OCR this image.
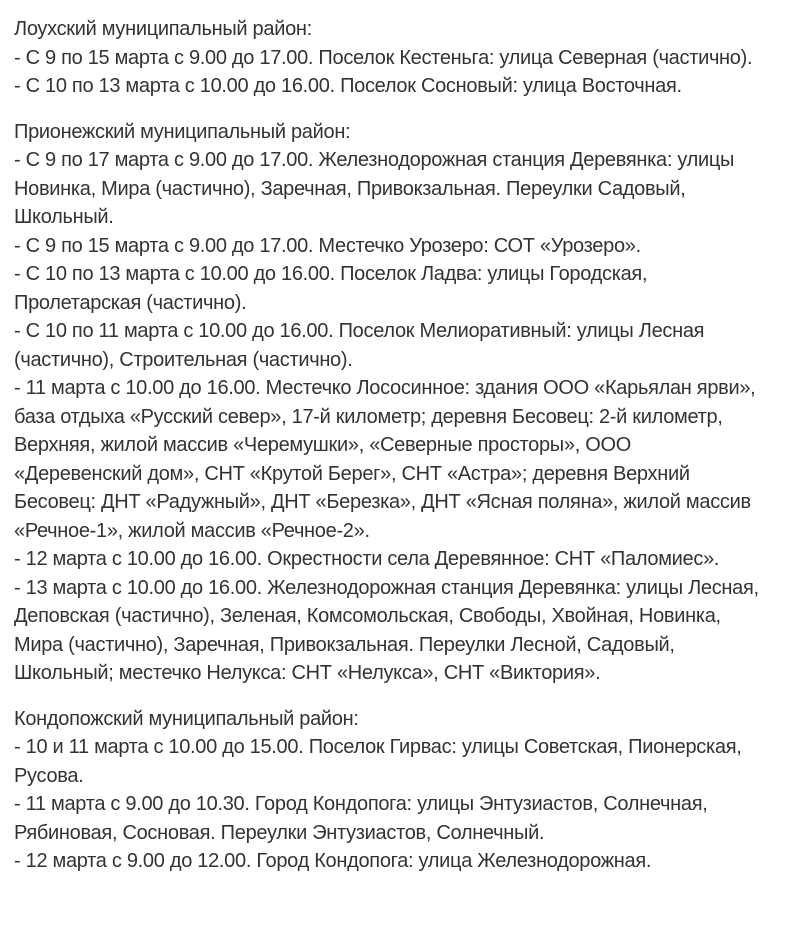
Лоухский муниципальный район:
- С 9 по 15 марта с 9.00 до 17.00. Поселок Кестеньга: улица Северная (частично).
- С 10 по 13 марта с 10.00 до 16.00. Поселок Сосновый: улица Восточная.
Прионежский муниципальный район:
- С 9 по 17 марта с 9.00 до 17.00. Железнодорожная станция Деревянка: улицы Новинка, Мира (частично), Заречная, Привокзальная. Переулки Садовый, Школьный.
- С 9 по 15 марта с 9.00 до 17.00. Местечко Урозеро: СОТ «Урозеро».
- С 10 по 13 марта с 10.00 до 16.00. Поселок Ладва: улицы Городская, Пролетарская (частично).
- С 10 по 11 марта с 10.00 до 16.00. Поселок Мелиоративный: улицы Лесная (частично), Строительная (частично).
- 11 марта с 10.00 до 16.00. Местечко Лососинное: здания ООО «Карьялан ярви», база отдыха «Русский север», 17-й километр; деревня Бесовец: 2-й километр, Верхняя, жилой массив «Черемушки», «Северные просторы», ООО «Деревенский дом», СНТ «Крутой Берег», СНТ «Астра»; деревня Верхний Бесовец: ДНТ «Радужный», ДНТ «Березка», ДНТ «Ясная поляна», жилой массив «Речное-1», жилой массив «Речное-2».
- 12 марта с 10.00 до 16.00. Окрестности села Деревянное: СНТ «Паломиес».
- 13 марта с 10.00 до 16.00. Железнодорожная станция Деревянка: улицы Лесная, Деповская (частично), Зеленая, Комсомольская, Свободы, Хвойная, Новинка, Мира (частично), Заречная, Привокзальная. Переулки Лесной, Садовый, Школьный; местечко Нелукса: СНТ «Нелукса», СНТ «Виктория».
Кондопожский муниципальный район:
- 10 и 11 марта с 10.00 до 15.00. Поселок Гирвас: улицы Советская, Пионерская, Русова.
- 11 марта с 9.00 до 10.30. Город Кондопога: улицы Энтузиастов, Солнечная, Рябиновая, Сосновая. Переулки Энтузиастов, Солнечный.
- 12 марта с 9.00 до 12.00. Город Кондопога: улица Железнодорожная.
